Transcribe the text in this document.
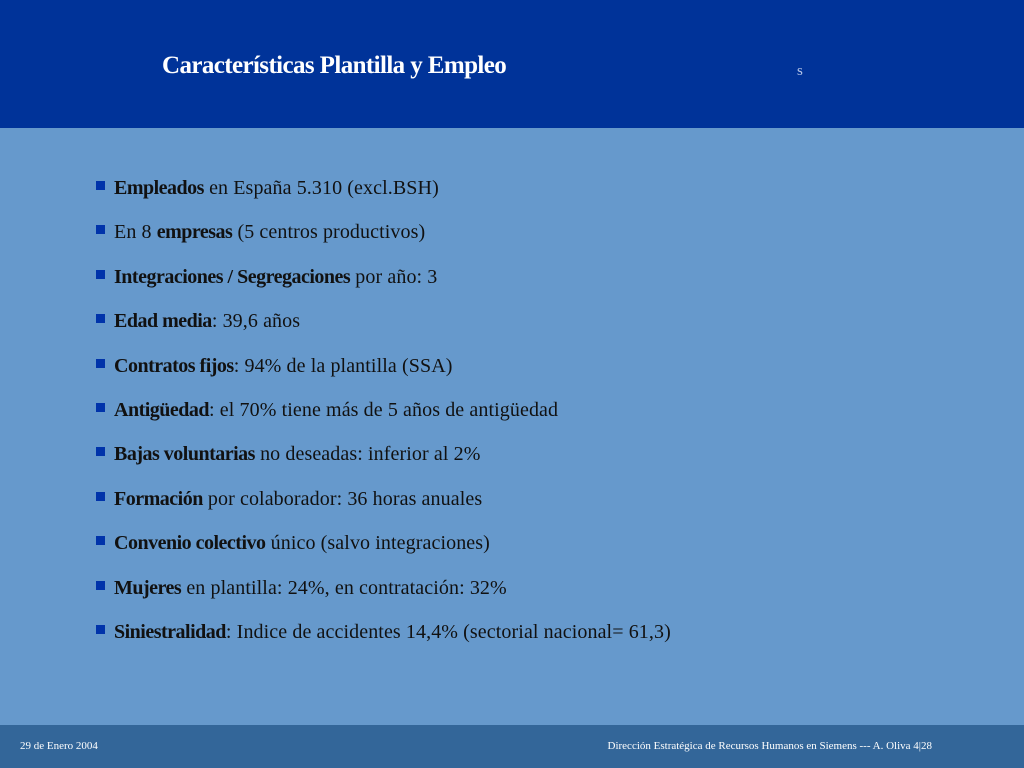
Características Plantilla y Empleo	s
Empleados en España 5.310 (excl.BSH)
En 8 empresas (5 centros productivos)
Integraciones / Segregaciones por año: 3
Edad media: 39,6 años
Contratos fijos: 94% de la plantilla (SSA)
Antigüedad: el 70% tiene más de 5 años de antigüedad
Bajas voluntarias no deseadas: inferior al 2%
Formación por colaborador: 36 horas anuales
Convenio colectivo único (salvo integraciones)
Mujeres en plantilla: 24%, en contratación: 32%
Siniestralidad: Indice de accidentes 14,4% (sectorial nacional= 61,3)
29 de Enero 2004	Dirección Estratégica de Recursos Humanos en Siemens --- A. Oliva 4|28
